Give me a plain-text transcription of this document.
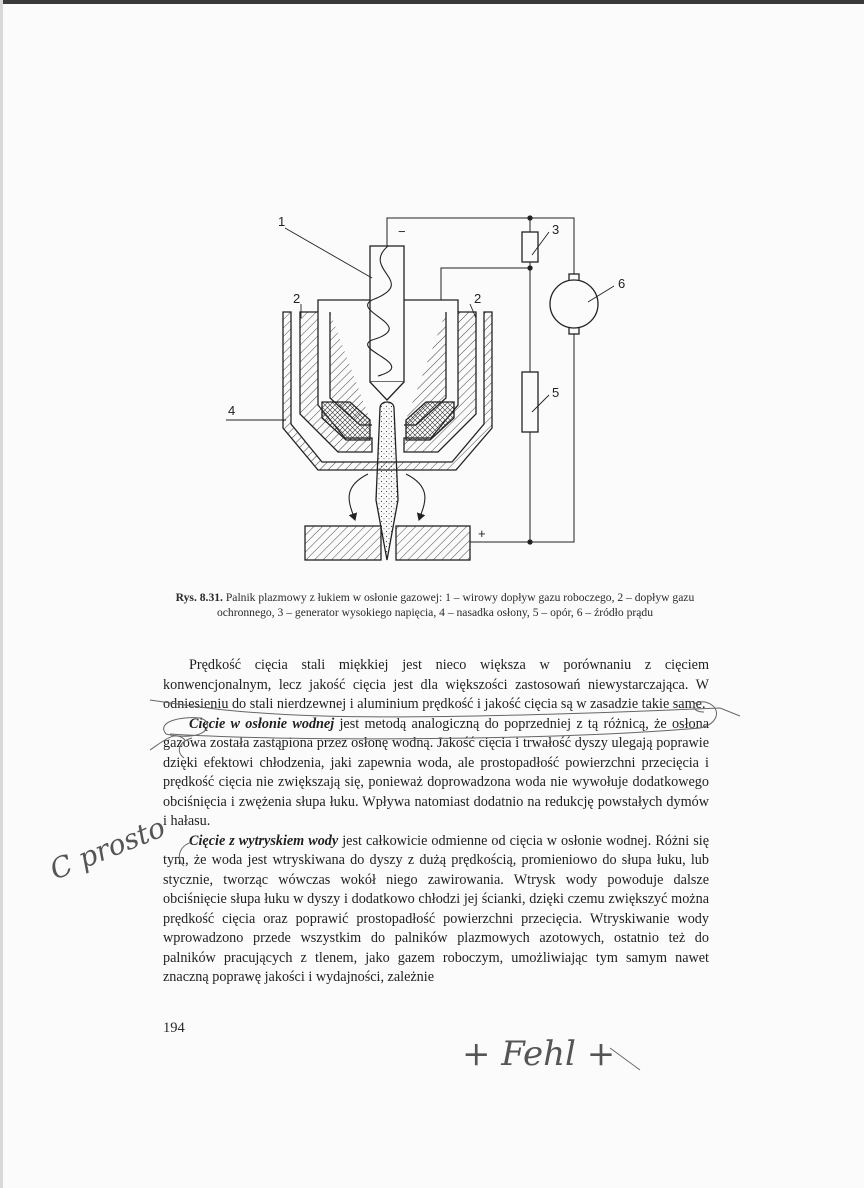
1
2	2
3
4
5
6
−
+
Rys. 8.31. Palnik plazmowy z łukiem w osłonie gazowej: 1 – wirowy dopływ gazu roboczego, 2 – dopływ gazu ochronnego, 3 – generator wysokiego napięcia, 4 – nasadka osłony, 5 – opór, 6 – źródło prądu

Prędkość cięcia stali miękkiej jest nieco większa w porównaniu z cięciem konwencjonalnym, lecz jakość cięcia jest dla większości zastosowań niewystarczająca. W odniesieniu do stali nierdzewnej i aluminium prędkość i jakość cięcia są w zasadzie takie same.

Cięcie w osłonie wodnej jest metodą analogiczną do poprzedniej z tą różnicą, że osłona gazowa została zastąpiona przez osłonę wodną. Jakość cięcia i trwałość dyszy ulegają poprawie dzięki efektowi chłodzenia, jaki zapewnia woda, ale prostopadłość powierzchni przecięcia i prędkość cięcia nie zwiększają się, ponieważ doprowadzona woda nie wywołuje dodatkowego obciśnięcia i zwężenia słupa łuku. Wpływa natomiast dodatnio na redukcję powstałych dymów i hałasu.

Cięcie z wytryskiem wody jest całkowicie odmienne od cięcia w osłonie wodnej. Różni się tym, że woda jest wtryskiwana do dyszy z dużą prędkością, promieniowo do słupa łuku, lub stycznie, tworząc wówczas wokół niego zawirowania. Wtrysk wody powoduje dalsze obciśnięcie słupa łuku w dyszy i dodatkowo chłodzi jej ścianki, dzięki czemu zwiększyć można prędkość cięcia oraz poprawić prostopadłość powierzchni przecięcia. Wtryskiwanie wody wprowadzono przede wszystkim do palników plazmowych azotowych, ostatnio też do palników pracujących z tlenem, jako gazem roboczym, umożliwiając tym samym nawet znaczną poprawę jakości i wydajności, zależnie

194
C prosto
+ Fehl +
